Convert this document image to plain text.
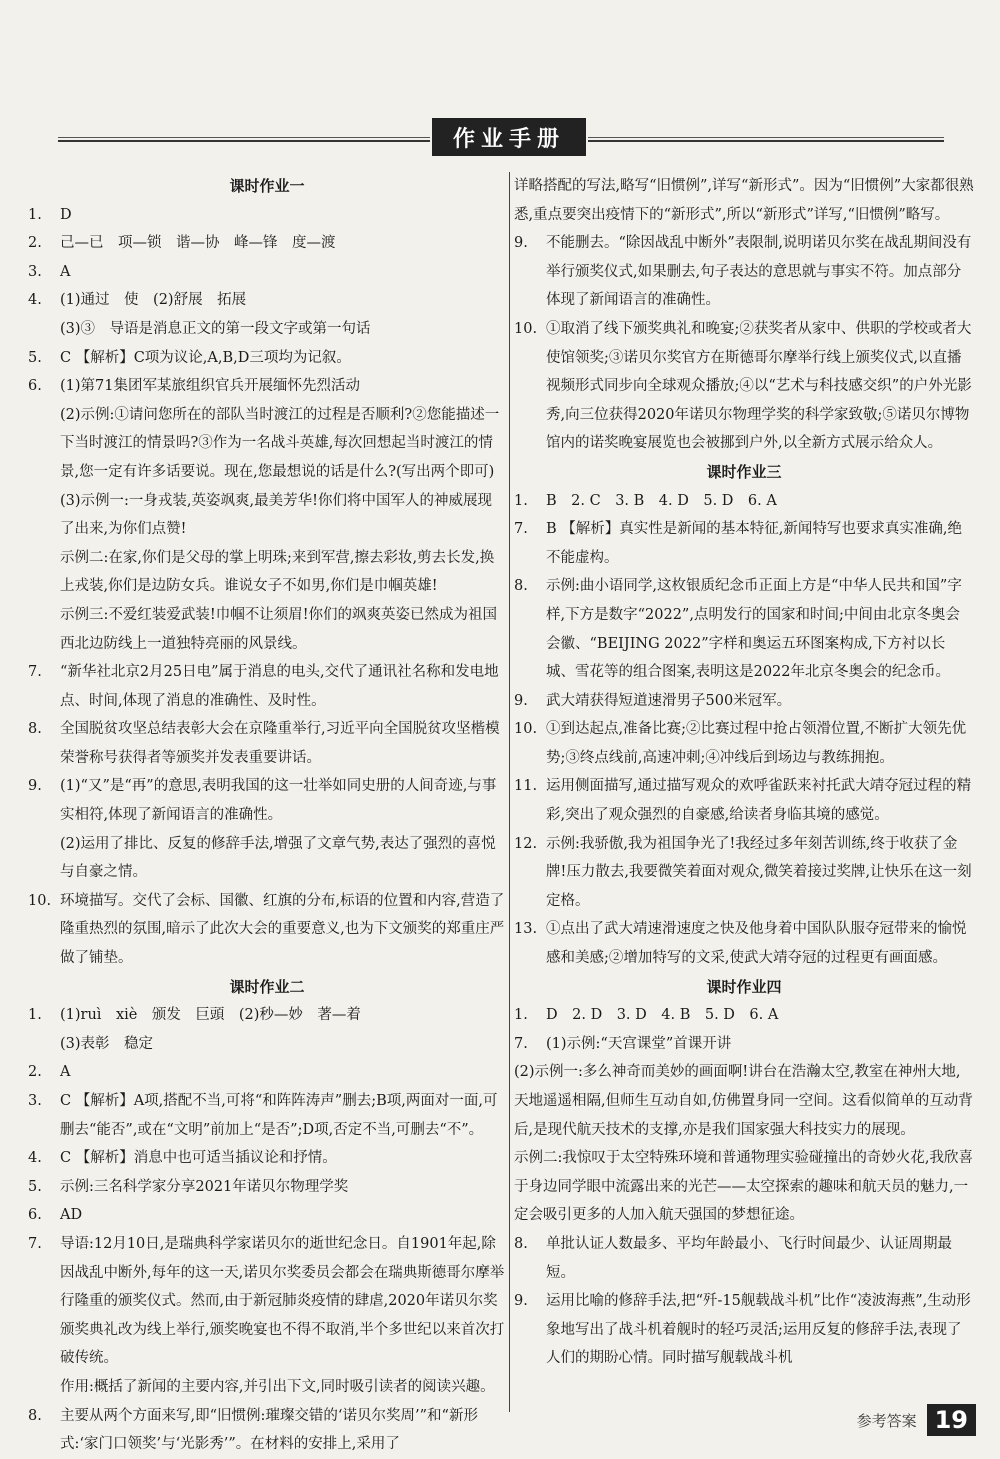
作业手册
课时作业一
1.	D
2.	己—已　项—锁　谐—协　峰—锋　度—渡
3.	A
4.	(1)通过　使　(2)舒展　拓展
(3)③　导语是消息正文的第一段文字或第一句话
5.	C 【解析】C项为议论,A,B,D三项均为记叙。
6.	(1)第71集团军某旅组织官兵开展缅怀先烈活动
(2)示例:①请问您所在的部队当时渡江的过程是否顺利?②您能描述一下当时渡江的情景吗?③作为一名战斗英雄,每次回想起当时渡江的情景,您一定有许多话要说。现在,您最想说的话是什么?(写出两个即可)
(3)示例一:一身戎装,英姿飒爽,最美芳华!你们将中国军人的神威展现了出来,为你们点赞!
示例二:在家,你们是父母的掌上明珠;来到军营,擦去彩妆,剪去长发,换上戎装,你们是边防女兵。谁说女子不如男,你们是巾帼英雄!
示例三:不爱红装爱武装!巾帼不让须眉!你们的飒爽英姿已然成为祖国西北边防线上一道独特亮丽的风景线。
7.	“新华社北京2月25日电”属于消息的电头,交代了通讯社名称和发电地点、时间,体现了消息的准确性、及时性。
8.	全国脱贫攻坚总结表彰大会在京隆重举行,习近平向全国脱贫攻坚楷模荣誉称号获得者等颁奖并发表重要讲话。
9.	(1)“又”是“再”的意思,表明我国的这一壮举如同史册的人间奇迹,与事实相符,体现了新闻语言的准确性。
(2)运用了排比、反复的修辞手法,增强了文章气势,表达了强烈的喜悦与自豪之情。
10. 环境描写。交代了会标、国徽、红旗的分布,标语的位置和内容,营造了隆重热烈的氛围,暗示了此次大会的重要意义,也为下文颁奖的郑重庄严做了铺垫。
课时作业二
1.	(1)ruì　xiè　颁发　巨頭　(2)秒—妙　著—着
(3)表彰　稳定
2.	A
3.	C 【解析】A项,搭配不当,可将“和阵阵涛声”删去;B项,两面对一面,可删去“能否”,或在“文明”前加上“是否”;D项,否定不当,可删去“不”。
4.	C 【解析】消息中也可适当插议论和抒情。
5.	示例:三名科学家分享2021年诺贝尔物理学奖
6.	AD
7.	导语:12月10日,是瑞典科学家诺贝尔的逝世纪念日。自1901年起,除因战乱中断外,每年的这一天,诺贝尔奖委员会都会在瑞典斯德哥尔摩举行隆重的颁奖仪式。然而,由于新冠肺炎疫情的肆虐,2020年诺贝尔奖颁奖典礼改为线上举行,颁奖晚宴也不得不取消,半个多世纪以来首次打破传统。
作用:概括了新闻的主要内容,并引出下文,同时吸引读者的阅读兴趣。
8.	主要从两个方面来写,即“旧惯例:璀璨交错的‘诺贝尔奖周’”和“新形式:‘家门口领奖’与‘光影秀’”。在材料的安排上,采用了
详略搭配的写法,略写“旧惯例”,详写“新形式”。因为“旧惯例”大家都很熟悉,重点要突出疫情下的“新形式”,所以“新形式”详写,“旧惯例”略写。
9.	不能删去。“除因战乱中断外”表限制,说明诺贝尔奖在战乱期间没有举行颁奖仪式,如果删去,句子表达的意思就与事实不符。加点部分体现了新闻语言的准确性。
10. ①取消了线下颁奖典礼和晚宴;②获奖者从家中、供职的学校或者大使馆领奖;③诺贝尔奖官方在斯德哥尔摩举行线上颁奖仪式,以直播视频形式同步向全球观众播放;④以“艺术与科技感交织”的户外光影秀,向三位获得2020年诺贝尔物理学奖的科学家致敬;⑤诺贝尔博物馆内的诺奖晚宴展览也会被挪到户外,以全新方式展示给众人。
课时作业三
1.	B　2. C　3. B　4. D　5. D　6. A
7.	B 【解析】真实性是新闻的基本特征,新闻特写也要求真实准确,绝不能虚构。
8.	示例:曲小语同学,这枚银质纪念币正面上方是“中华人民共和国”字样,下方是数字“2022”,点明发行的国家和时间;中间由北京冬奥会会徽、“BEIJING 2022”字样和奥运五环图案构成,下方衬以长城、雪花等的组合图案,表明这是2022年北京冬奥会的纪念币。
9.	武大靖获得短道速滑男子500米冠军。
10. ①到达起点,准备比赛;②比赛过程中抢占领滑位置,不断扩大领先优势;③终点线前,高速冲刺;④冲线后到场边与教练拥抱。
11. 运用侧面描写,通过描写观众的欢呼雀跃来衬托武大靖夺冠过程的精彩,突出了观众强烈的自豪感,给读者身临其境的感觉。
12. 示例:我骄傲,我为祖国争光了!我经过多年刻苦训练,终于收获了金牌!压力散去,我要微笑着面对观众,微笑着接过奖牌,让快乐在这一刻定格。
13. ①点出了武大靖速滑速度之快及他身着中国队队服夺冠带来的愉悦感和美感;②增加特写的文采,使武大靖夺冠的过程更有画面感。
课时作业四
1.	D　2. D　3. D　4. B　5. D　6. A
7.	(1)示例:“天宫课堂”首课开讲
(2)示例一:多么神奇而美妙的画面啊!讲台在浩瀚太空,教室在神州大地,天地遥遥相隔,但师生互动自如,仿佛置身同一空间。这看似简单的互动背后,是现代航天技术的支撑,亦是我们国家强大科技实力的展现。
示例二:我惊叹于太空特殊环境和普通物理实验碰撞出的奇妙火花,我欣喜于身边同学眼中流露出来的光芒——太空探索的趣味和航天员的魅力,一定会吸引更多的人加入航天强国的梦想征途。
8.	单批认证人数最多、平均年龄最小、飞行时间最少、认证周期最短。
9.	运用比喻的修辞手法,把“歼-15舰载战斗机”比作“凌波海燕”,生动形象地写出了战斗机着舰时的轻巧灵活;运用反复的修辞手法,表现了人们的期盼心情。同时描写舰载战斗机
参考答案 19
